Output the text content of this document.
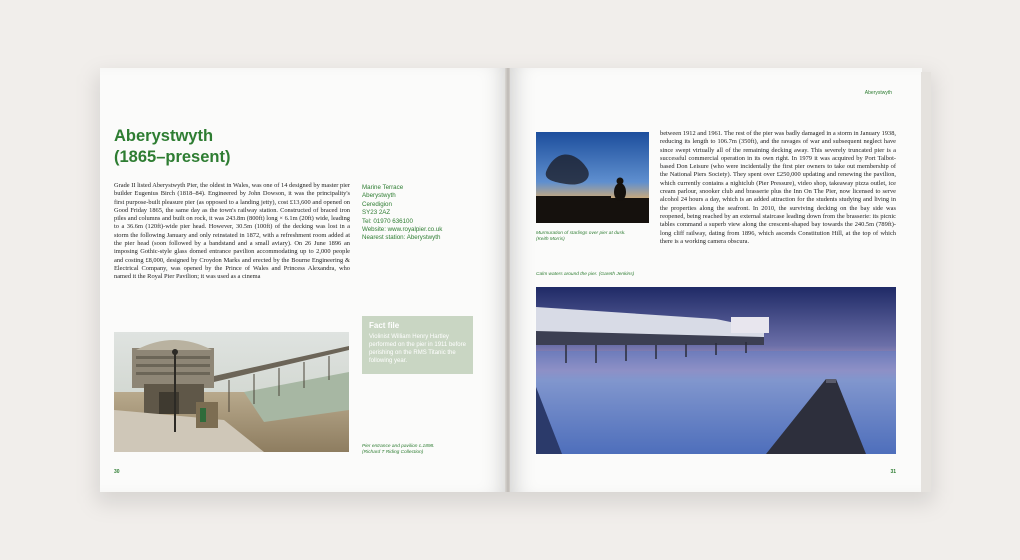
Aberystwyth
(1865–present)

Grade II listed Aberystwyth Pier, the oldest in Wales, was one of 14 designed by master pier builder Eugenius Birch (1818–84). Engineered by John Dowson, it was the principality's first purpose-built pleasure pier (as opposed to a landing jetty), cost £13,600 and opened on Good Friday 1865, the same day as the town's railway station. Constructed of braced iron piles and columns and built on rock, it was 243.8m (800ft) long × 6.1m (20ft) wide, leading to a 36.6m (120ft)-wide pier head. However, 30.5m (100ft) of the decking was lost in a storm the following January and only reinstated in 1872, with a refreshment room added at the pier head (soon followed by a bandstand and a small aviary). On 26 June 1896 an imposing Gothic-style glass domed entrance pavilion accommodating up to 2,000 people and costing £8,000, designed by Croydon Marks and erected by the Bourne Engineering & Electrical Company, was opened by the Prince of Wales and Princess Alexandra, who named it the Royal Pier Pavilion; it was used as a cinema

Marine Terrace
Aberystwyth
Ceredigion
SY23 2AZ
Tel: 01970 636100
Website: www.royalpier.co.uk
Nearest station: Aberystwyth
Fact file
Violinist William Henry Hartley performed on the pier in 1911 before perishing on the RMS Titanic the following year.
Pier entrance and pavilion c.1898.
(Richard T Riding Collection)
30
Aberystwyth
Murmuration of starlings over pier at dusk.
(Keith Morris)
Calm waters around the pier. (Gareth Jenkins)

between 1912 and 1961. The rest of the pier was badly damaged in a storm in January 1938, reducing its length to 106.7m (350ft), and the ravages of war and subsequent neglect have since swept virtually all of the remaining decking away. This severely truncated pier is a successful commercial operation in its own right. In 1979 it was acquired by Port Talbot-based Don Leisure (who were incidentally the first pier owners to take out membership of the National Piers Society). They spent over £250,000 updating and renewing the pavilion, which currently contains a nightclub (Pier Pressure), video shop, takeaway pizza outlet, ice cream parlour, snooker club and brasserie plus the Inn On The Pier, now licensed to serve alcohol 24 hours a day, which is an added attraction for the students studying and living in the properties along the seafront. In 2010, the surviving decking on the bay side was reopened, being reached by an external staircase leading down from the brasserie: its picnic tables command a superb view along the crescent-shaped bay towards the 240.5m (789ft)-long cliff railway, dating from 1896, which ascends Constitution Hill, at the top of which there is a working camera obscura.

31
